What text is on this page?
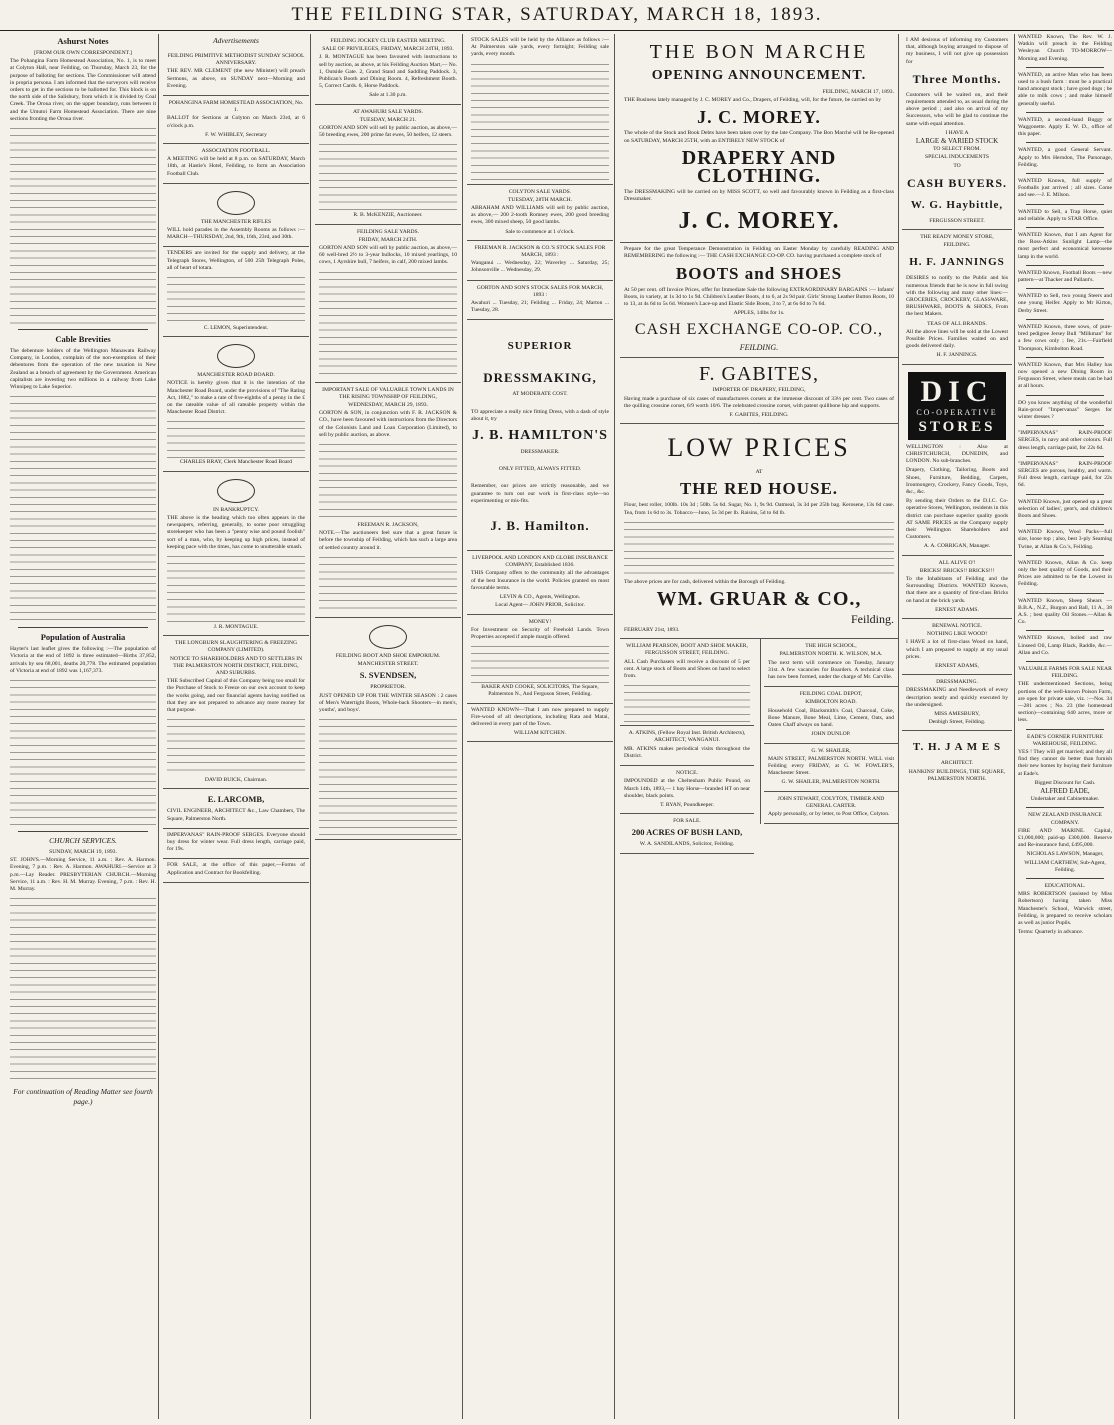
THE FEILDING STAR, SATURDAY, MARCH 18, 1893.
Ashurst Notes
[FROM OUR OWN CORRESPONDENT.]

The Pohangina Farm Homestead Association, No. 1, is to meet at Colyton Hall, near Feilding, on Thursday, March 23, for the purpose of balloting for sections. The Commissioner will attend in propria persona. I am informed that the surveyors will receive orders to get in the sections to be ballotted for. This block is on the north side of the Salisbury, from which it is divided by Coal Creek. The Oroua river, on the upper boundary, runs between it and the Umutoi Farm Homestead Association. There are nine sections fronting the Oroua river.

Cable Brevities

The debenture holders of the Wellington Manawatu Railway Company, in London, complain of the non-exemption of their debentures from the operation of the new taxation in New Zealand as a breach of agreement by the Government. American capitalists are investing two millions in a railway from Lake Winnipeg to Lake Superior.

Population of Australia

Hayter's last leaflet gives the following :—The population of Victoria at the end of 1892 is three estimated—Births 37,852, arrivals by sea 68,001, deaths 20,778. The estimated population of Victoria at end of 1892 was 1,167,373.

CHURCH SERVICES.
SUNDAY, MARCH 19, 1893.

ST. JOHN'S.—Morning Service, 11 a.m. : Rev. A. Harmon. Evening, 7 p.m. : Rev. A. Harmon. AWAHURI.—Service at 3 p.m.—Lay Reader. PRESBYTERIAN CHURCH.—Morning Service, 11 a.m. : Rev. H. M. Murray. Evening, 7 p.m. : Rev. H. M. Murray.

For continuation of Reading Matter see fourth page.)
Advertisements
FEILDING PRIMITIVE METHODIST SUNDAY SCHOOL ANNIVERSARY.

THE REV. MR CLEMENT (the new Minister) will preach Sermons, as above, on SUNDAY next—Morning and Evening.

POHANGINA FARM HOMESTEAD ASSOCIATION, No. 1.

BALLOT for Sections at Colyton on March 23rd, at 6 o'clock p.m.

F. W. WHIBLEY, Secretary
ASSOCIATION FOOTBALL.

A MEETING will be held at 8 p.m. on SATURDAY, March 18th, at Hastie's Hotel, Feilding, to form an Association Football Club.

THE MANCHESTER RIFLES

WILL hold parades in the Assembly Rooms as follows :— MARCH—THURSDAY, 2nd, 9th, 16th, 23rd, and 30th.

TENDERS are invited for the supply and delivery, at the Telegraph Stores, Wellington, of 500 25ft Telegraph Poles, all of heart of totara.

C. LEMON, Superintendent.
MANCHESTER ROAD BOARD.

NOTICE is hereby given that it is the intention of the Manchester Road Board, under the provisions of "The Rating Act, 1882," to make a rate of five-eighths of a penny in the £ on the rateable value of all rateable property within the Manchester Road District.

CHARLES BRAY, Clerk Manchester Road Board
IN BANKRUPTCY.

THE above is the heading which too often appears in the newspapers, referring, generally, to some poor struggling storekeeper who has been a "penny wise and pound foolish" sort of a man, who, by keeping up high prices, instead of keeping pace with the times, has come to unutterable smash.

J. R. MONTAGUE.
THE LONGBURN SLAUGHTERING & FREEZING COMPANY (LIMITED).
NOTICE TO SHAREHOLDERS AND TO SETTLERS IN THE PALMERSTON NORTH DISTRICT, FEILDING, AND SUBURBS.

THE Subscribed Capital of this Company being too small for the Purchase of Stock to Freeze on our own account to keep the works going, and our financial agents having notified us that they are not prepared to advance any more money for that purpose.

DAVID BUICK, Chairman.
E. LARCOMB,

CIVIL ENGINEER, ARCHITECT &c., Law Chambers, The Square, Palmerston North.

IMPERVANAS" RAIN-PROOF SERGES. Everyone should buy dress for winter wear. Full dress length, carriage paid, for 19s.

FOR SALE, at the office of this paper,—Forms of Application and Contract for Bookfelling.

FEILDING JOCKEY CLUB EASTER MEETING.
SALE OF PRIVILEGES, FRIDAY, MARCH 24TH, 1893.

J. R. MONTAGUE has been favoured with instructions to sell by auction, as above, at his Feilding Auction Mart,— No. 1, Outside Gate. 2, Grand Stand and Saddling Paddock. 3, Publican's Booth and Dining Room. 4, Refreshment Booth. 5, Correct Cards. 6, Horse Paddock.

Sale at 1.30 p.m.
AT AWAHURI SALE YARDS.
TUESDAY, MARCH 21.

GORTON AND SON will sell by public auction, as above,— 50 breeding ewes, 200 prime fat ewes, 50 heifers, 12 steers.

R. B. McKENZIE, Auctioneer.
FEILDING SALE YARDS.
FRIDAY, MARCH 24TH.

GORTON AND SON will sell by public auction, as above,— 60 well-bred 2½ to 3-year bullocks, 10 mixed yearlings, 10 cows, 1 Ayrshire bull, 7 heifers, in calf, 200 mixed lambs.

IMPORTANT SALE OF VALUABLE TOWN LANDS IN THE RISING TOWNSHIP OF FEILDING,
WEDNESDAY, MARCH 29, 1893.

GORTON & SON, in conjunction with F. R. JACKSON & CO., have been favoured with instructions from the Directors of the Colonists Land and Loan Corporation (Limited), to sell by public auction, as above.

FREEMAN R. JACKSON,

NOTE.—The auctioneers feel sure that a great future is before the township of Feilding, which has such a large area of settled country around it.

FEILDING BOOT AND SHOE EMPORIUM.
MANCHESTER STREET.
S. SVENDSEN,
PROPRIETOR.

JUST OPENED UP FOR THE WINTER SEASON : 2 cases of Men's Watertight Boots, Whole-back Shooters—in men's, youths', and boys'.

STOCK SALES will be held by the Alliance as follows :—At Palmerston sale yards, every fortnight; Feilding sale yards, every month.

COLYTON SALE YARDS.
TUESDAY, 28TH MARCH.

ABRAHAM AND WILLIAMS will sell by public auction, as above,— 200 2-tooth Romney ewes, 200 good breeding ewes, 300 mixed sheep, 50 good lambs.

Sale to commence at 1 o'clock.
FREEMAN R. JACKSON & CO.'S STOCK SALES FOR MARCH, 1893 :

Wanganui ... Wednesday, 22; Waverley ... Saturday, 25; Johnsonville ... Wednesday, 29.

GORTON AND SON'S STOCK SALES FOR MARCH, 1893 :

Awahuri ... Tuesday, 21; Feilding ... Friday, 24; Marton ... Tuesday, 28.

SUPERIOR
DRESSMAKING,
AT MODERATE COST.

TO appreciate a really nice fitting Dress, with a dash of style about it, try

J. B. HAMILTON'S
DRESSMAKER.
ONLY FITTED, ALWAYS FITTED.

Remember, our prices are strictly reasonable, and we guarantee to turn out our work in first-class style—no experimenting or mis-fits.

J. B. Hamilton.
LIVERPOOL AND LONDON AND GLOBE INSURANCE COMPANY, Established 1836.

THIS Company offers to the community all the advantages of the best Insurance in the world. Policies granted on most favourable terms.

LEVIN & CO., Agents, Wellington.
Local Agent— JOHN PRIOR, Solicitor.
MONEY!

For Investment on Security of Freehold Lands. Town Properties accepted if ample margin offered.

BAKER AND COOKE, SOLICITORS, The Square, Palmerston N., And Ferguson Street, Feilding.

WANTED KNOWN—That I am now prepared to supply Fire-wood of all descriptions, including Rata and Matai, delivered in every part of the Town.

WILLIAM KITCHEN.
THE BON MARCHE
OPENING ANNOUNCEMENT.
FEILDING, MARCH 17, 1893.

THE Business lately managed by J. C. MOREY and Co., Drapers, of Feilding, will, for the future, be carried on by

J. C. MOREY.

The whole of the Stock and Book Debts have been taken over by the late Company. The Bon Marché will be Re-opened on SATURDAY, MARCH 25TH, with an ENTIRELY NEW STOCK of

DRAPERY AND CLOTHING.

The DRESSMAKING will be carried on by MISS SCOTT, so well and favourably known in Feilding as a first-class Dressmaker.

J. C. MOREY.

Prepare for the great Temperance Demonstration in Feilding on Easter Monday by carefully READING AND REMEMBERING the following :— THE CASH EXCHANGE CO-OP. CO. having purchased a complete stock of

BOOTS and SHOES

At 50 per cent. off Invoice Prices, offer for Immediate Sale the following EXTRAORDINARY BARGAINS :— Infants' Boots, in variety, at 1s 3d to 1s 9d. Children's Leather Boots, 4 to 6, at 2s 9d pair. Girls' Strong Leather Button Boots, 10 to 13, at 4s 6d to 5s 6d. Women's Lace-up and Elastic Side Boots, 3 to 7, at 6s 6d to 7s 6d.

APPLES, 14lbs for 1s.
CASH EXCHANGE CO-OP. CO.,
FEILDING.
F. GABITES,
IMPORTER OF DRAPERY, FEILDING,

Having made a purchase of six cases of manufacturers corsets at the immense discount of 33⅓ per cent. Two cases of the quilling crossine corset, 6/9 worth 10/6. The celebrated crossine corset, with patent quillbone hip and supports.

F. GABITES, FEILDING.
LOW PRICES
AT
THE RED HOUSE.

Flour, best roller, 100lb. 10s 3d ; 50lb. 5s 6d. Sugar, No. 1, 9s 9d. Oatmeal, 3s 3d per 25lb bag. Kerosene, 13s 6d case. Tea, from 1s 6d to 3s. Tobacco—Juno, 5s 3d per lb. Raisins, 5d to 6d lb.

The above prices are for cash, delivered within the Borough of Feilding.

WM. GRUAR & CO.,
Feilding.
FEBRUARY 21st, 1893.
WILLIAM PEARSON, BOOT AND SHOE MAKER, FERGUSSON STREET, FEILDING.

ALL Cash Purchasers will receive a discount of 5 per cent. A large stock of Boots and Shoes on hand to select from.

A. ATKINS, (Fellow Royal Inst. British Architects), ARCHITECT, WANGANUI.

MR. ATKINS makes periodical visits throughout the District.

NOTICE.

IMPOUNDED at the Cheltenham Public Pound, on March 14th, 1893,— 1 bay Horse—branded HT on near shoulder, black points.

T. RYAN, Poundkeeper.
FOR SALE.
200 ACRES OF BUSH LAND,
W. A. SANDILANDS, Solicitor, Feilding.
THE HIGH SCHOOL,
PALMERSTON NORTH. K. WILSON, M.A.

The next term will commence on Tuesday, January 31st. A few vacancies for Boarders. A technical class has now been formed, under the charge of Mr. Carville.

FEILDING COAL DEPOT,
KIMBOLTON ROAD.

Household Coal, Blacksmith's Coal, Charcoal, Coke, Bone Manure, Bone Meal, Lime, Cement, Oats, and Oaten Chaff always on hand.

JOHN DUNLOP.
G. W. SHAILER,

MAIN STREET, PALMERSTON NORTH. WILL visit Feilding every FRIDAY, at G. W. FOWLER'S, Manchester Street.

G. W. SHAILER, PALMERSTON NORTH.
JOHN STEWART, COLYTON, TIMBER AND GENERAL CARTER.

Apply personally, or by letter, to Post Office, Colyton.

I AM desirous of informing my Customers that, although buying arranged to dispose of my business, I will not give up possession for

Three Months.

Customers will be waited on, and their requirements attended to, as usual during the above period ; and also on arrival of my Successors, who will be glad to continue the same with equal attention.

I HAVE A
LARGE & VARIED STOCK
TO SELECT FROM.
SPECIAL INDUCEMENTS
TO
CASH BUYERS.
W. G. Haybittle,
FERGUSSON STREET.
THE READY MONEY STORE,
FEILDING.
H. F. JANNINGS

DESIRES to notify to the Public and his numerous friends that he is now in full swing with the following and many other lines:— GROCERIES, CROCKERY, GLASSWARE, BRUSHWARE, BOOTS & SHOES, From the best Makers.

TEAS OF ALL BRANDS.

All the above lines will be sold at the Lowest Possible Prices. Families waited on and goods delivered daily.

H. F. JANNINGS.
DIC
CO-OPERATIVE
STORES

WELLINGTON : Also at CHRISTCHURCH, DUNEDIN, and LONDON. No sub-branches.

Drapery, Clothing, Tailoring, Boots and Shoes, Furniture, Bedding, Carpets, Ironmongery, Crockery, Fancy Goods, Toys, &c., &c.

By sending their Orders to the D.I.C. Co-operative Stores, Wellington, residents in this district can purchase superior quality goods AT SAME PRICES as the Company supply their Wellington Shareholders and Customers.

A. A. CORRIGAN, Manager.
ALL ALIVE O'!
BRICKS! BRICKS!! BRICKS!!!

To the Inhabitants of Feilding and the Surrounding Districts. WANTED Known, that there are a quantity of first-class Bricks on hand at the brick yards.

ERNEST ADAMS.
BENEWAL NOTICE.
NOTHING LIKE WOOD!

I HAVE a lot of first-class Wood on hand, which I am prepared to supply at my usual prices.

ERNEST ADAMS,
DRESSMAKING.

DRESSMAKING and Needlework of every description neatly and quickly executed by the undersigned.

MISS AMESBURY,
Denbigh Street, Feilding.
T. H. J A M E S
ARCHITECT.
HANKINS' BUILDINGS, THE SQUARE, PALMERSTON NORTH.

WANTED Known, The Rev. W. J. Watkin will preach in the Feilding Wesleyan Church TO-MORROW—Morning and Evening.

WANTED, an active Man who has been used to a bush farm : must be a practical hand amongst stock ; have good dogs ; be able to milk cows ; and make himself generally useful.

WANTED, a second-hand Buggy or Waggonette. Apply E. W. D., office of this paper.

WANTED, a good General Servant. Apply to Mrs Herndon, The Parsonage, Feilding.

WANTED Known, full supply of Footballs just arrived ; all sizes. Come and see.—J. E. Milson.

WANTED to Sell, a Trap Horse, quiet and reliable. Apply to STAR Office.

WANTED Known, that I am Agent for the Ross-Atkins Sunlight Lamp—the most perfect and economical kerosene lamp in the world.

WANTED Known, Football Boots —new pattern—at Thacker and Pallant's.

WANTED to Sell, two young Steers and one young Heifer. Apply to Mr Kirton, Derby Street.

WANTED Known, three sows, of pure-bred pedigree Jersey Bull "Milkman" for a few cows only ; fee, 21s.—Fairfield Thompson, Kimbolton Road.

WANTED Known, that Mrs Halley has now opened a new Dining Room in Fergusson Street, where meals can be had at all hours.

DO you know anything of the wonderful Rain-proof "Impervanas" Serges for winter dresses ?

"IMPERVANAS" RAIN-PROOF SERGES, in navy and other colours. Full dress length, carriage paid, for 22s 6d.

"IMPERVANAS" RAIN-PROOF SERGES are porous, healthy, and warm. Full dress length, carriage paid, for 22s 6d.

WANTED Known, just opened up a great selection of ladies', gent's, and children's Boots and Shoes.

WANTED Known, Wool Packs—full size, loose top ; also, best 3-ply Seaming Twine, at Allan & Co.'s, Feilding.

WANTED Known, Allan & Co. keep only the best quality of Goods, and their Prices are admitted to be the Lowest in Feilding.

WANTED Known, Sheep Shears —B.B.A., N.Z., Burgon and Ball, 11 A., 38 A.S. ; best quality Oil Stones.—Allan & Co.

WANTED Known, boiled and raw Linseed Oil, Lamp Black, Raddle, &c.—Allan and Co.

VALUABLE FARMS FOR SALE NEAR FEILDING.

THE undermentioned Sections, being portions of the well-known Poison Farm, are open for private sale, viz. :—Nos. 34—281 acres ; No. 23 (the homestead section)—containing 640 acres, more or less.

EADE'S CORNER FURNITURE WAREHOUSE, FEILDING.

YES ! They will get married; and they all find they cannot do better than furnish their new homes by buying their furniture at Eade's.

Biggest Discount for Cash.
ALFRED EADE,
Undertaker and Cabinetmaker.
NEW ZEALAND INSURANCE COMPANY.

FIRE AND MARINE. Capital, £1,000,000; paid-up £300,000. Reserve and Re-insurance fund, £495,000.

NICHOLAS LAWSON, Manager,
WILLIAM CARTHEW, Sub-Agent, Feilding.
EDUCATIONAL.

MRS ROBERTSON (assisted by Miss Robertson) having taken Miss Manchester's School, Warwick street, Feilding, is prepared to receive scholars as well as junior Pupils.

Terms: Quarterly in advance.
